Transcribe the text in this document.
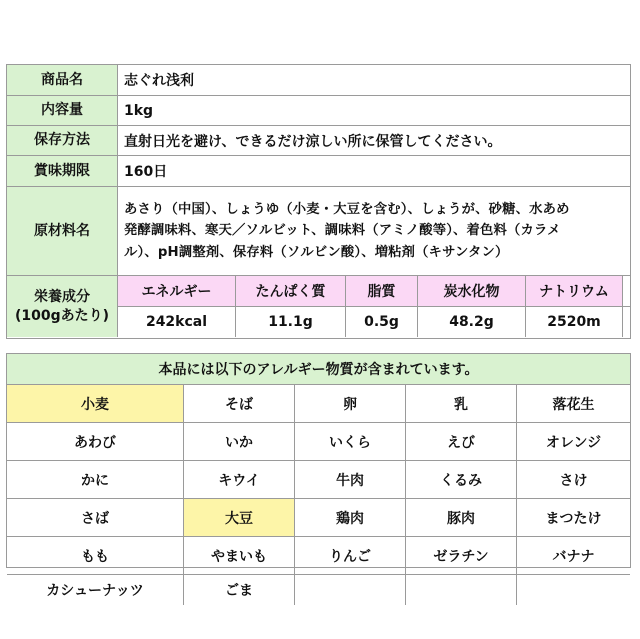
商品名	志ぐれ浅利
内容量	1kg
保存方法	直射日光を避け、できるだけ涼しい所に保管してください。
賞味期限	160日
原材料名
あさり（中国）、しょうゆ（小麦・大豆を含む）、しょうが、砂糖、水あめ
発酵調味料、寒天／ソルビット、調味料（アミノ酸等）、着色料（カラメ
ル）、pH調整剤、保存料（ソルビン酸）、増粘剤（キサンタン）
栄養成分
(100gあたり)
エネルギー	たんぱく質	脂質	炭水化物	ナトリウム
242kcal	11.1g	0.5g	48.2g	2520m
本品には以下のアレルギー物質が含まれています。
小麦	そば	卵	乳	落花生
あわび	いか	いくら	えび	オレンジ
かに	キウイ	牛肉	くるみ	さけ
さば	大豆	鶏肉	豚肉	まつたけ
もも	やまいも	りんご	ゼラチン	バナナ
カシューナッツ	ごま
